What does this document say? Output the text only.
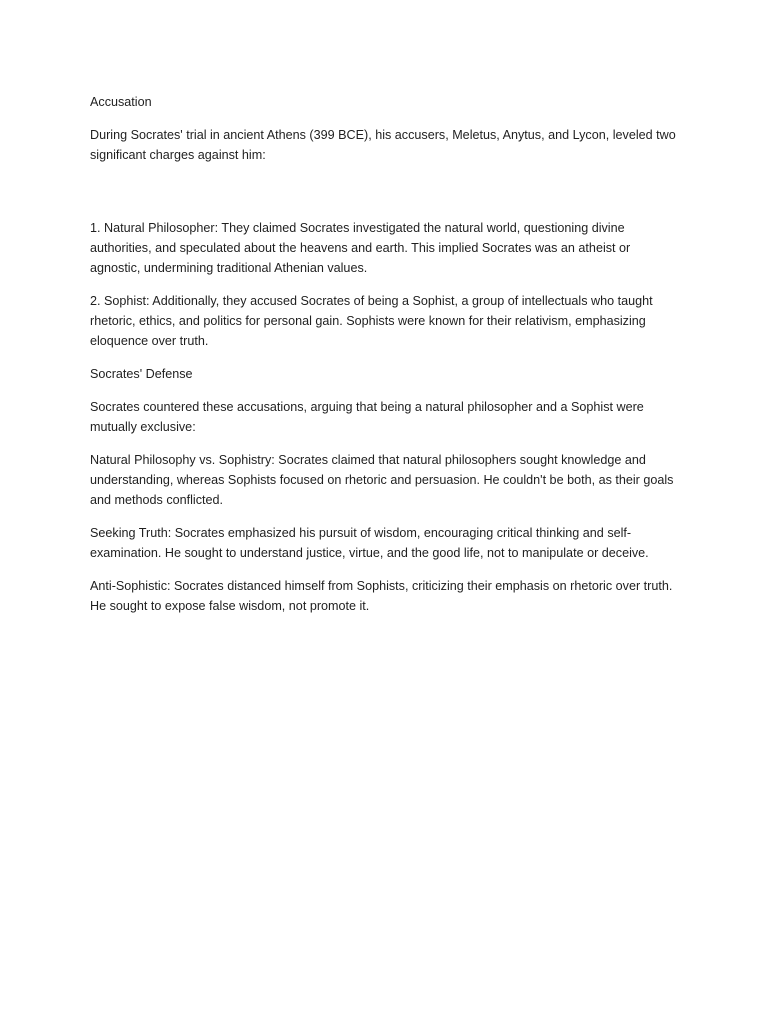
Accusation

During Socrates' trial in ancient Athens (399 BCE), his accusers, Meletus, Anytus, and Lycon, leveled two significant charges against him:

1. Natural Philosopher: They claimed Socrates investigated the natural world, questioning divine authorities, and speculated about the heavens and earth. This implied Socrates was an atheist or agnostic, undermining traditional Athenian values.

2. Sophist: Additionally, they accused Socrates of being a Sophist, a group of intellectuals who taught rhetoric, ethics, and politics for personal gain. Sophists were known for their relativism, emphasizing eloquence over truth.

Socrates' Defense

Socrates countered these accusations, arguing that being a natural philosopher and a Sophist were mutually exclusive:

Natural Philosophy vs. Sophistry: Socrates claimed that natural philosophers sought knowledge and understanding, whereas Sophists focused on rhetoric and persuasion. He couldn't be both, as their goals and methods conflicted.

Seeking Truth: Socrates emphasized his pursuit of wisdom, encouraging critical thinking and self-examination. He sought to understand justice, virtue, and the good life, not to manipulate or deceive.

Anti-Sophistic: Socrates distanced himself from Sophists, criticizing their emphasis on rhetoric over truth. He sought to expose false wisdom, not promote it.
